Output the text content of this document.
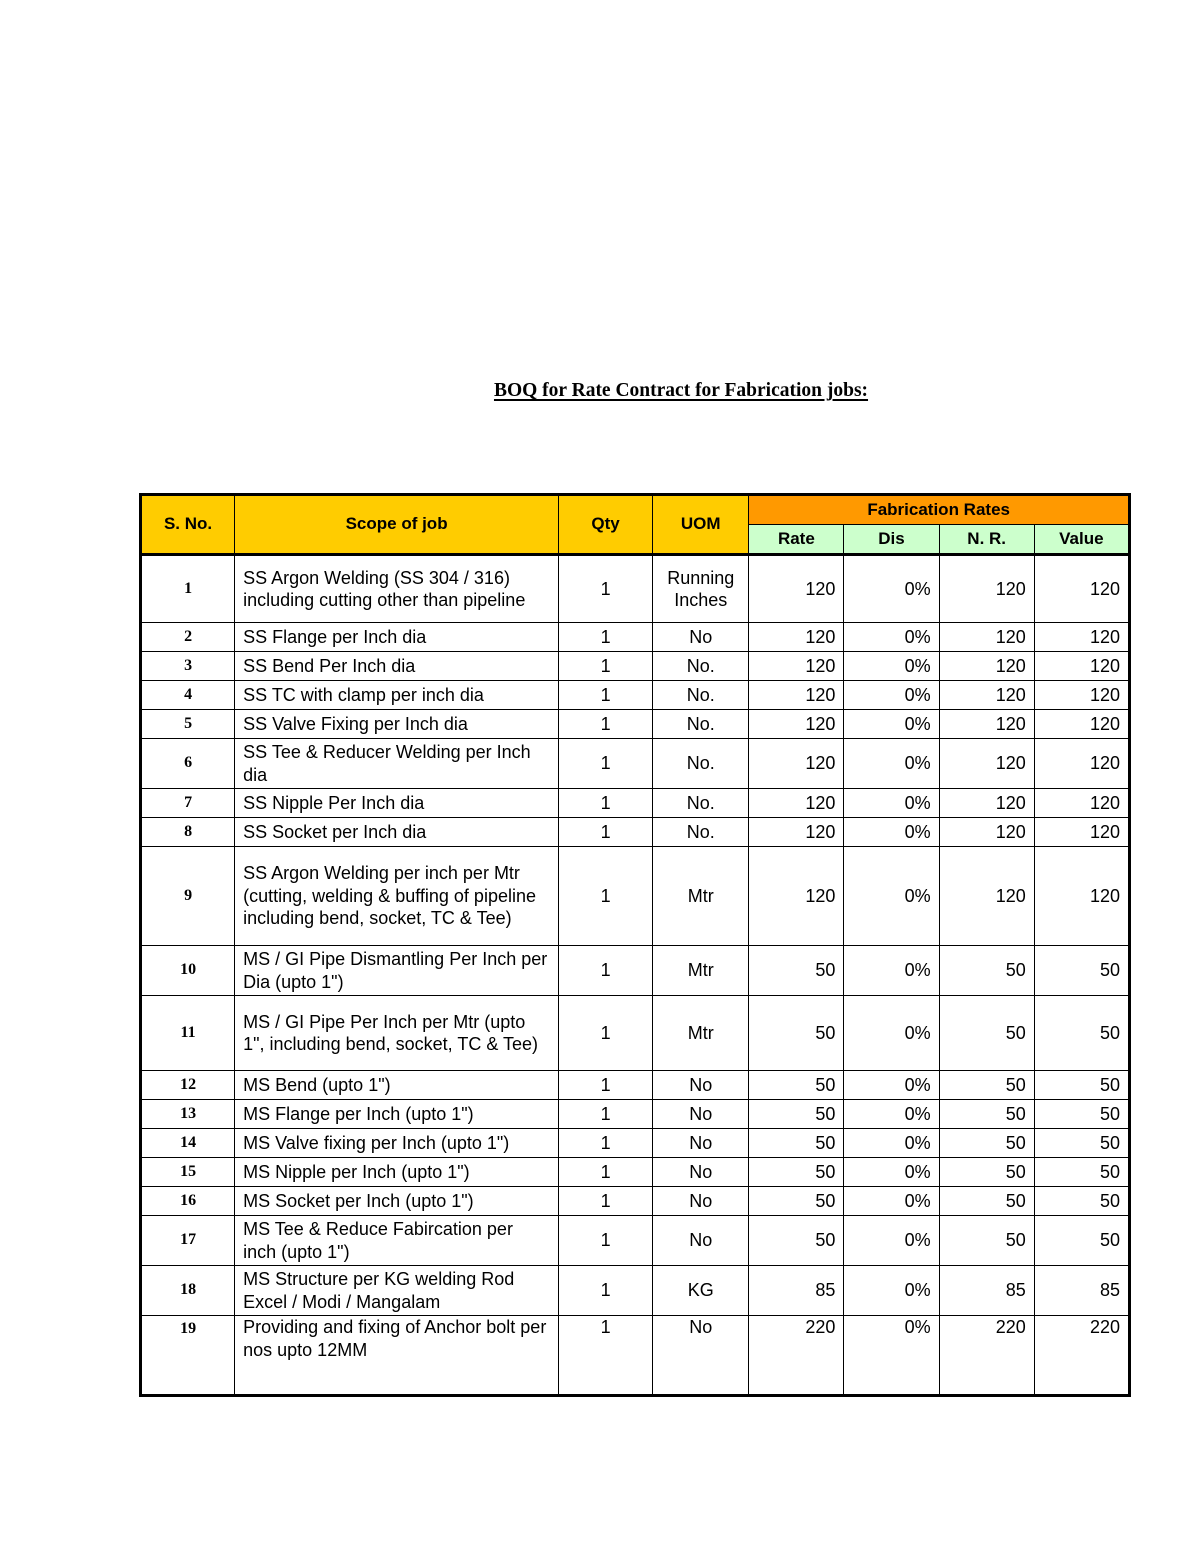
BOQ for Rate Contract for Fabrication jobs:
S. No.	Scope of job	Qty	UOM	Fabrication Rates			
				Rate	Dis	N. R.	Value
1	SS Argon Welding (SS 304 / 316) including cutting other than pipeline	1	Running Inches	120	0%	120	120
2	SS Flange per Inch dia	1	No	120	0%	120	120
3	SS Bend Per Inch dia	1	No.	120	0%	120	120
4	SS TC with clamp per inch dia	1	No.	120	0%	120	120
5	SS Valve Fixing per Inch dia	1	No.	120	0%	120	120
6	SS Tee & Reducer Welding per Inch dia	1	No.	120	0%	120	120
7	SS Nipple Per Inch dia	1	No.	120	0%	120	120
8	SS Socket per Inch dia	1	No.	120	0%	120	120
9	SS Argon Welding per inch per Mtr (cutting, welding & buffing of pipeline including bend, socket, TC & Tee)	1	Mtr	120	0%	120	120
10	MS / GI Pipe Dismantling Per Inch per Dia (upto 1")	1	Mtr	50	0%	50	50
11	MS / GI Pipe Per Inch per Mtr (upto 1", including bend, socket, TC & Tee)	1	Mtr	50	0%	50	50
12	MS Bend (upto 1")	1	No	50	0%	50	50
13	MS Flange per Inch (upto 1")	1	No	50	0%	50	50
14	MS Valve fixing per Inch (upto 1")	1	No	50	0%	50	50
15	MS Nipple per Inch (upto 1")	1	No	50	0%	50	50
16	MS Socket per Inch (upto 1")	1	No	50	0%	50	50
17	MS Tee & Reduce Fabircation per inch (upto 1")	1	No	50	0%	50	50
18	MS Structure per KG welding Rod Excel / Modi / Mangalam	1	KG	85	0%	85	85
19	Providing and fixing of Anchor bolt per nos upto 12MM	1	No	220	0%	220	220
